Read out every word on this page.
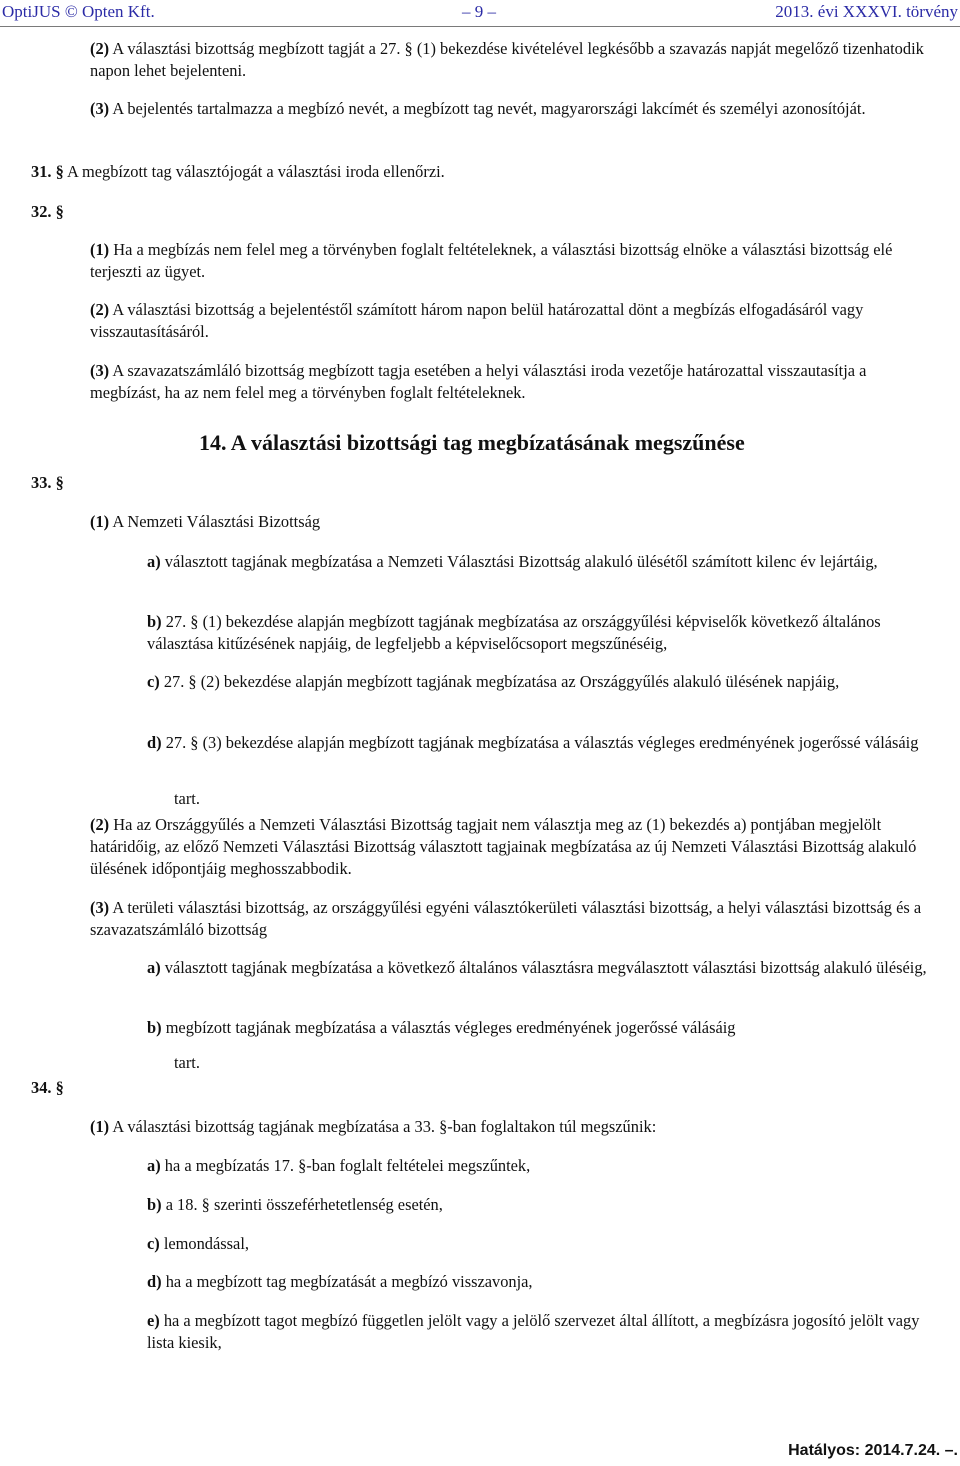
OptiJUS © Opten Kft.	– 9 –	2013. évi XXXVI. törvény
(2) A választási bizottság megbízott tagját a 27. § (1) bekezdése kivételével legkésőbb a szavazás napját megelőző tizenhatodik napon lehet bejelenteni.
(3) A bejelentés tartalmazza a megbízó nevét, a megbízott tag nevét, magyarországi lakcímét és személyi azonosítóját.
31. § A megbízott tag választójogát a választási iroda ellenőrzi.
32. §
(1) Ha a megbízás nem felel meg a törvényben foglalt feltételeknek, a választási bizottság elnöke a választási bizottság elé terjeszti az ügyet.
(2) A választási bizottság a bejelentéstől számított három napon belül határozattal dönt a megbízás elfogadásáról vagy visszautasításáról.
(3) A szavazatszámláló bizottság megbízott tagja esetében a helyi választási iroda vezetője határozattal visszautasítja a megbízást, ha az nem felel meg a törvényben foglalt feltételeknek.
14. A választási bizottsági tag megbízatásának megszűnése
33. §
(1) A Nemzeti Választási Bizottság
a) választott tagjának megbízatása a Nemzeti Választási Bizottság alakuló ülésétől számított kilenc év lejártáig,
b) 27. § (1) bekezdése alapján megbízott tagjának megbízatása az országgyűlési képviselők következő általános választása kitűzésének napjáig, de legfeljebb a képviselőcsoport megszűnéséig,
c) 27. § (2) bekezdése alapján megbízott tagjának megbízatása az Országgyűlés alakuló ülésének napjáig,
d) 27. § (3) bekezdése alapján megbízott tagjának megbízatása a választás végleges eredményének jogerőssé válásáig
tart.
(2) Ha az Országgyűlés a Nemzeti Választási Bizottság tagjait nem választja meg az (1) bekezdés a) pontjában megjelölt határidőig, az előző Nemzeti Választási Bizottság választott tagjainak megbízatása az új Nemzeti Választási Bizottság alakuló ülésének időpontjáig meghosszabbodik.
(3) A területi választási bizottság, az országgyűlési egyéni választókerületi választási bizottság, a helyi választási bizottság és a szavazatszámláló bizottság
a) választott tagjának megbízatása a következő általános választásra megválasztott választási bizottság alakuló üléséig,
b) megbízott tagjának megbízatása a választás végleges eredményének jogerőssé válásáig
tart.
34. §
(1) A választási bizottság tagjának megbízatása a 33. §-ban foglaltakon túl megszűnik:
a) ha a megbízatás 17. §-ban foglalt feltételei megszűntek,
b) a 18. § szerinti összeférhetetlenség esetén,
c) lemondással,
d) ha a megbízott tag megbízatását a megbízó visszavonja,
e) ha a megbízott tagot megbízó független jelölt vagy a jelölő szervezet által állított, a megbízásra jogosító jelölt vagy lista kiesik,
Hatályos: 2014.7.24. –.
